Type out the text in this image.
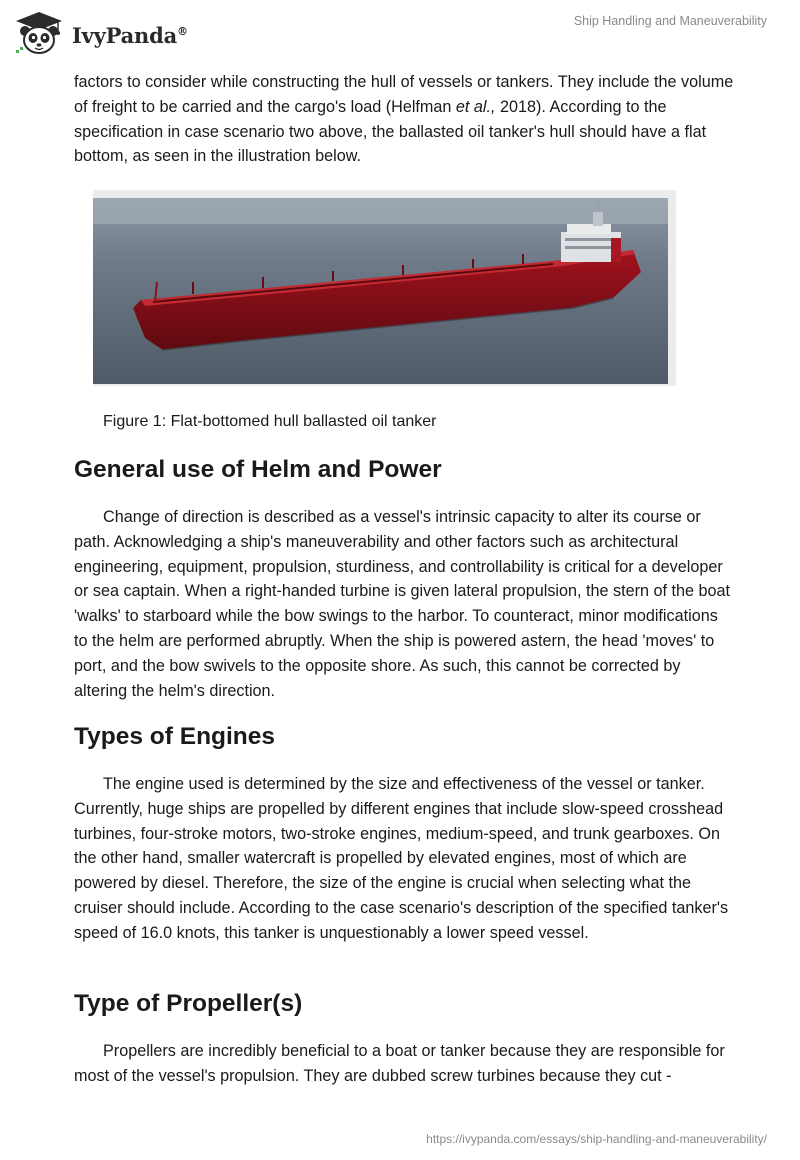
IvyPanda®
Ship Handling and Maneuverability

factors to consider while constructing the hull of vessels or tankers. They include the volume of freight to be carried and the cargo's load (Helfman et al., 2018). According to the specification in case scenario two above, the ballasted oil tanker's hull should have a flat bottom, as seen in the illustration below.

Figure 1: Flat-bottomed hull ballasted oil tanker
General use of Helm and Power

Change of direction is described as a vessel's intrinsic capacity to alter its course or path. Acknowledging a ship's maneuverability and other factors such as architectural engineering, equipment, propulsion, sturdiness, and controllability is critical for a developer or sea captain. When a right-handed turbine is given lateral propulsion, the stern of the boat 'walks' to starboard while the bow swings to the harbor. To counteract, minor modifications to the helm are performed abruptly. When the ship is powered astern, the head 'moves' to port, and the bow swivels to the opposite shore. As such, this cannot be corrected by altering the helm's direction.

Types of Engines

The engine used is determined by the size and effectiveness of the vessel or tanker. Currently, huge ships are propelled by different engines that include slow-speed crosshead turbines, four-stroke motors, two-stroke engines, medium-speed, and trunk gearboxes. On the other hand, smaller watercraft is propelled by elevated engines, most of which are powered by diesel. Therefore, the size of the engine is crucial when selecting what the cruiser should include. According to the case scenario's description of the specified tanker's speed of 16.0 knots, this tanker is unquestionably a lower speed vessel.

Type of Propeller(s)

Propellers are incredibly beneficial to a boat or tanker because they are responsible for most of the vessel's propulsion. They are dubbed screw turbines because they cut -

https://ivypanda.com/essays/ship-handling-and-maneuverability/
